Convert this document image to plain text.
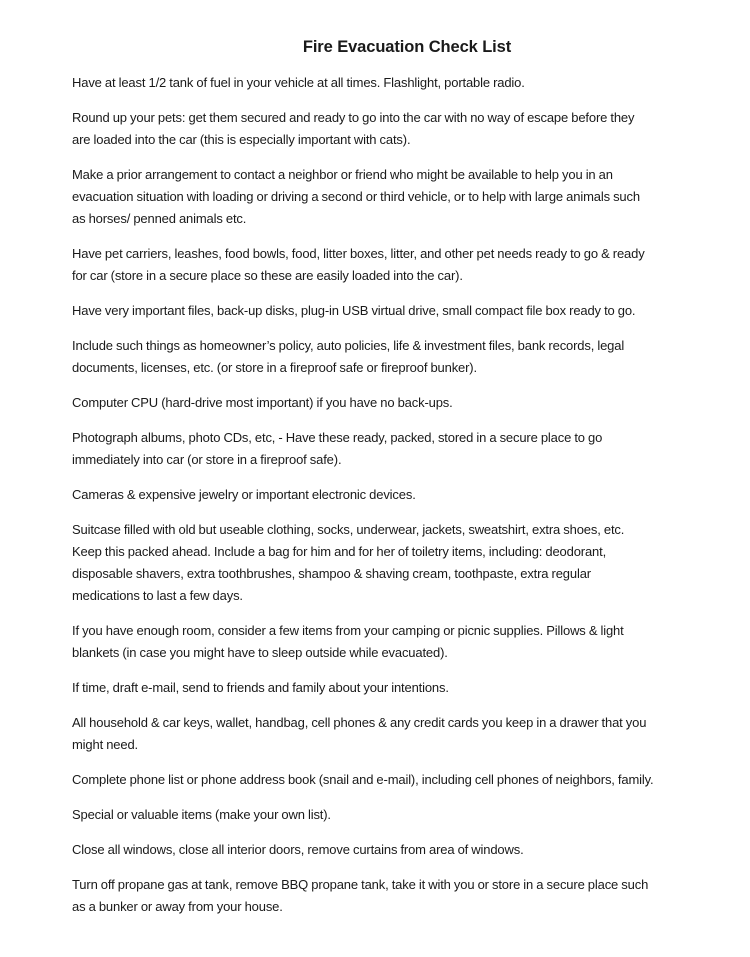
Fire Evacuation Check List

Have at least 1/2 tank of fuel in your vehicle at all times. Flashlight, portable radio.

Round up your pets: get them secured and ready to go into the car with no way of escape before they
are loaded into the car (this is especially important with cats).

Make a prior arrangement to contact a neighbor or friend who might be available to help you in an
evacuation situation with loading or driving a second or third vehicle, or to help with large animals such
as horses/ penned animals etc.

Have pet carriers, leashes, food bowls, food, litter boxes, litter, and other pet needs ready to go & ready
for car (store in a secure place so these are easily loaded into the car).

Have very important files, back-up disks, plug-in USB virtual drive, small compact file box ready to go.

Include such things as homeowner’s policy, auto policies, life & investment files, bank records, legal
documents, licenses, etc. (or store in a fireproof safe or fireproof bunker).

Computer CPU (hard-drive most important) if you have no back-ups.

Photograph albums, photo CDs, etc, - Have these ready, packed, stored in a secure place to go
immediately into car (or store in a fireproof safe).

Cameras & expensive jewelry or important electronic devices.

Suitcase filled with old but useable clothing, socks, underwear, jackets, sweatshirt, extra shoes, etc.
Keep this packed ahead. Include a bag for him and for her of toiletry items, including: deodorant,
disposable shavers, extra toothbrushes, shampoo & shaving cream, toothpaste, extra regular
medications to last a few days.

If you have enough room, consider a few items from your camping or picnic supplies. Pillows & light
blankets (in case you might have to sleep outside while evacuated).

If time, draft e-mail, send to friends and family about your intentions.

All household & car keys, wallet, handbag, cell phones & any credit cards you keep in a drawer that you
might need.

Complete phone list or phone address book (snail and e-mail), including cell phones of neighbors, family.

Special or valuable items (make your own list).

Close all windows, close all interior doors, remove curtains from area of windows.

Turn off propane gas at tank, remove BBQ propane tank, take it with you or store in a secure place such
as a bunker or away from your house.
